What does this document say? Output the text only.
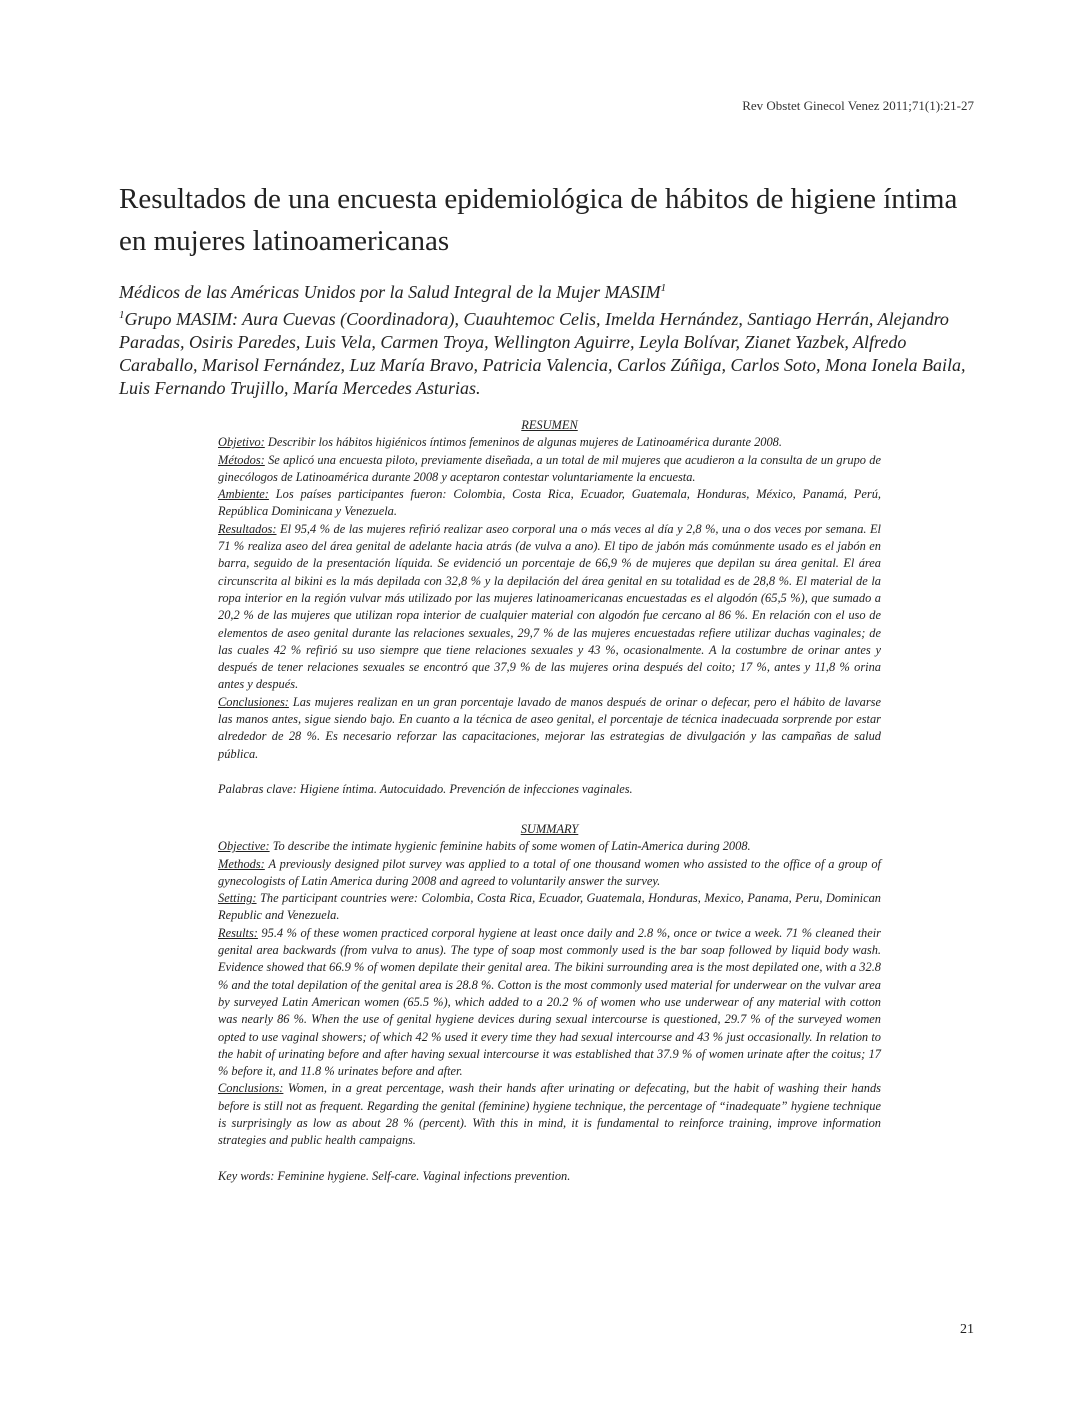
Rev Obstet Ginecol Venez 2011;71(1):21-27
Resultados de una encuesta epidemiológica de hábitos de higiene íntima en mujeres latinoamericanas
Médicos de las Américas Unidos por la Salud Integral de la Mujer MASIM$^1$
$^1$Grupo MASIM: Aura Cuevas (Coordinadora), Cuauhtemoc Celis, Imelda Hernández, Santiago Herrán, Alejandro Paradas, Osiris Paredes, Luis Vela, Carmen Troya, Wellington Aguirre, Leyla Bolívar, Zianet Yazbek, Alfredo Caraballo, Marisol Fernández, Luz María Bravo, Patricia Valencia, Carlos Zúñiga, Carlos Soto, Mona Ionela Baila, Luis Fernando Trujillo, María Mercedes Asturias.
RESUMEN

Objetivo: Describir los hábitos higiénicos íntimos femeninos de algunas mujeres de Latinoamérica durante 2008.

Métodos: Se aplicó una encuesta piloto, previamente diseñada, a un total de mil mujeres que acudieron a la consulta de un grupo de ginecólogos de Latinoamérica durante 2008 y aceptaron contestar voluntariamente la encuesta.

Ambiente: Los países participantes fueron: Colombia, Costa Rica, Ecuador, Guatemala, Honduras, México, Panamá, Perú, República Dominicana y Venezuela.

Resultados: El 95,4 % de las mujeres refirió realizar aseo corporal una o más veces al día y 2,8 %, una o dos veces por semana. El 71 % realiza aseo del área genital de adelante hacia atrás (de vulva a ano). El tipo de jabón más comúnmente usado es el jabón en barra, seguido de la presentación líquida. Se evidenció un porcentaje de 66,9 % de mujeres que depilan su área genital. El área circunscrita al bikini es la más depilada con 32,8 % y la depilación del área genital en su totalidad es de 28,8 %. El material de la ropa interior en la región vulvar más utilizado por las mujeres latinoamericanas encuestadas es el algodón (65,5 %), que sumado a 20,2 % de las mujeres que utilizan ropa interior de cualquier material con algodón fue cercano al 86 %. En relación con el uso de elementos de aseo genital durante las relaciones sexuales, 29,7 % de las mujeres encuestadas refiere utilizar duchas vaginales; de las cuales 42 % refirió su uso siempre que tiene relaciones sexuales y 43 %, ocasionalmente. A la costumbre de orinar antes y después de tener relaciones sexuales se encontró que 37,9 % de las mujeres orina después del coito; 17 %, antes y 11,8 % orina antes y después.

Conclusiones: Las mujeres realizan en un gran porcentaje lavado de manos después de orinar o defecar, pero el hábito de lavarse las manos antes, sigue siendo bajo. En cuanto a la técnica de aseo genital, el porcentaje de técnica inadecuada sorprende por estar alrededor de 28 %. Es necesario reforzar las capacitaciones, mejorar las estrategias de divulgación y las campañas de salud pública.

Palabras clave: Higiene íntima. Autocuidado. Prevención de infecciones vaginales.

SUMMARY

Objective: To describe the intimate hygienic feminine habits of some women of Latin-America during 2008.

Methods: A previously designed pilot survey was applied to a total of one thousand women who assisted to the office of a group of gynecologists of Latin America during 2008 and agreed to voluntarily answer the survey.

Setting: The participant countries were: Colombia, Costa Rica, Ecuador, Guatemala, Honduras, Mexico, Panama, Peru, Dominican Republic and Venezuela.

Results: 95.4 % of these women practiced corporal hygiene at least once daily and 2.8 %, once or twice a week. 71 % cleaned their genital area backwards (from vulva to anus). The type of soap most commonly used is the bar soap followed by liquid body wash. Evidence showed that 66.9 % of women depilate their genital area. The bikini surrounding area is the most depilated one, with a 32.8 % and the total depilation of the genital area is 28.8 %. Cotton is the most commonly used material for underwear on the vulvar area by surveyed Latin American women (65.5 %), which added to a 20.2 % of women who use underwear of any material with cotton was nearly 86 %. When the use of genital hygiene devices during sexual intercourse is questioned, 29.7 % of the surveyed women opted to use vaginal showers; of which 42 % used it every time they had sexual intercourse and 43 % just occasionally. In relation to the habit of urinating before and after having sexual intercourse it was established that 37.9 % of women urinate after the coitus; 17 % before it, and 11.8 % urinates before and after.

Conclusions: Women, in a great percentage, wash their hands after urinating or defecating, but the habit of washing their hands before is still not as frequent. Regarding the genital (feminine) hygiene technique, the percentage of “inadequate” hygiene technique is surprisingly as low as about 28 % (percent). With this in mind, it is fundamental to reinforce training, improve information strategies and public health campaigns.

Key words: Feminine hygiene. Self-care. Vaginal infections prevention.

21
